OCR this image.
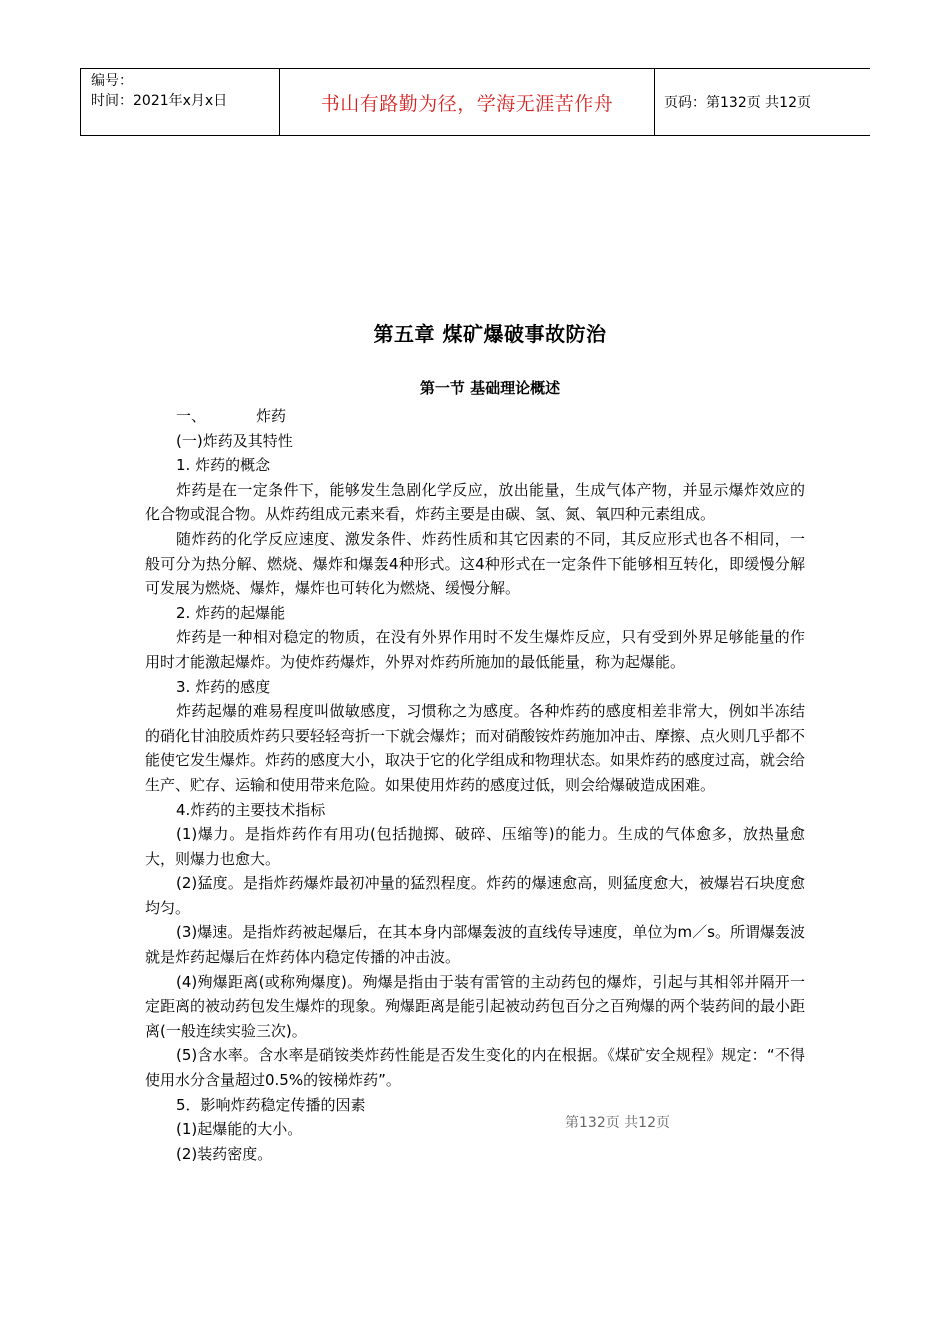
编号：
时间：2021年x月x日	书山有路勤为径，学海无涯苦作舟	页码：第132页 共12页
第五章 煤矿爆破事故防治
第一节 基础理论概述

一、	炸药

(一)炸药及其特性

1. 炸药的概念

炸药是在一定条件下，能够发生急剧化学反应，放出能量，生成气体产物，并显示爆炸效应的化合物或混合物。从炸药组成元素来看，炸药主要是由碳、氢、氮、氧四种元素组成。

随炸药的化学反应速度、激发条件、炸药性质和其它因素的不同，其反应形式也各不相同，一般可分为热分解、燃烧、爆炸和爆轰4种形式。这4种形式在一定条件下能够相互转化，即缓慢分解可发展为燃烧、爆炸，爆炸也可转化为燃烧、缓慢分解。

2. 炸药的起爆能

炸药是一种相对稳定的物质，在没有外界作用时不发生爆炸反应，只有受到外界足够能量的作用时才能激起爆炸。为使炸药爆炸，外界对炸药所施加的最低能量，称为起爆能。

3. 炸药的感度

炸药起爆的难易程度叫做敏感度，习惯称之为感度。各种炸药的感度相差非常大，例如半冻结的硝化甘油胶质炸药只要轻轻弯折一下就会爆炸；而对硝酸铵炸药施加冲击、摩擦、点火则几乎都不能使它发生爆炸。炸药的感度大小，取决于它的化学组成和物理状态。如果炸药的感度过高，就会给生产、贮存、运输和使用带来危险。如果使用炸药的感度过低，则会给爆破造成困难。

4.炸药的主要技术指标

(1)爆力。是指炸药作有用功(包括抛掷、破碎、压缩等)的能力。生成的气体愈多，放热量愈大，则爆力也愈大。

(2)猛度。是指炸药爆炸最初冲量的猛烈程度。炸药的爆速愈高，则猛度愈大，被爆岩石块度愈均匀。

(3)爆速。是指炸药被起爆后，在其本身内部爆轰波的直线传导速度，单位为m／s。所谓爆轰波就是炸药起爆后在炸药体内稳定传播的冲击波。

(4)殉爆距离(或称殉爆度)。殉爆是指由于装有雷管的主动药包的爆炸，引起与其相邻并隔开一定距离的被动药包发生爆炸的现象。殉爆距离是能引起被动药包百分之百殉爆的两个装药间的最小距离(一般连续实验三次)。

(5)含水率。含水率是硝铵类炸药性能是否发生变化的内在根据。《煤矿安全规程》规定：“不得使用水分含量超过0.5%的铵梯炸药”。

5．影响炸药稳定传播的因素

(1)起爆能的大小。

(2)装药密度。

第132页 共12页
